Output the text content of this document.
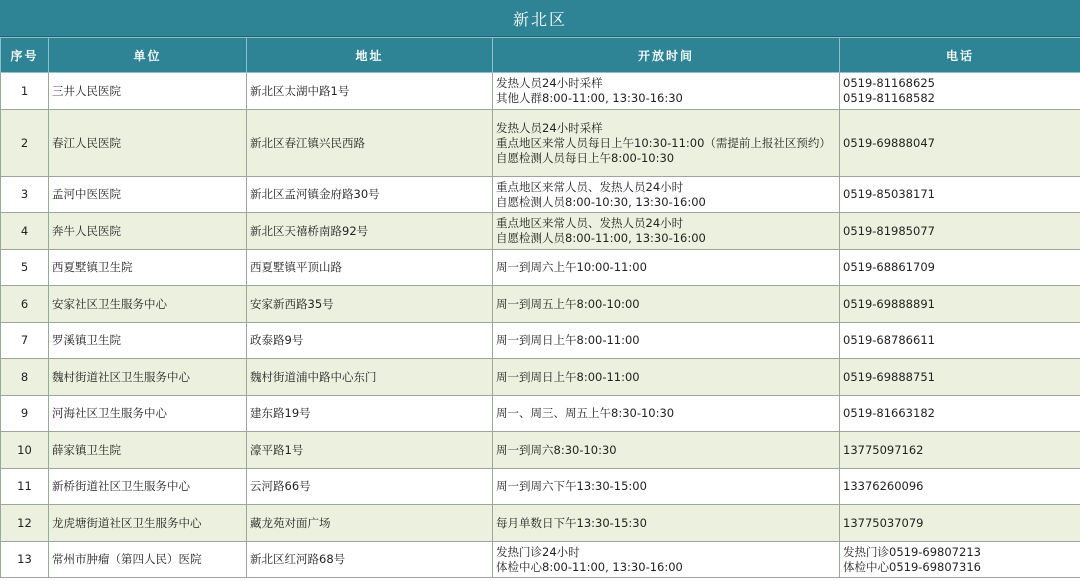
新北区
序号	单位	地址	开放时间	电话
1	三井人民医院	新北区太湖中路1号	发热人员24小时采样
其他人群8:00-11:00, 13:30-16:30	0519-81168625
0519-81168582
2	春江人民医院	新北区春江镇兴民西路	发热人员24小时采样
重点地区来常人员每日上午10:30-11:00（需提前上报社区预约）
自愿检测人员每日上午8:00-10:30	0519-69888047
3	孟河中医医院	新北区孟河镇金府路30号	重点地区来常人员、发热人员24小时
自愿检测人员8:00-10:30, 13:30-16:00	0519-85038171
4	奔牛人民医院	新北区天禧桥南路92号	重点地区来常人员、发热人员24小时
自愿检测人员8:00-11:00, 13:30-16:00	0519-81985077
5	西夏墅镇卫生院	西夏墅镇平顶山路	周一到周六上午10:00-11:00	0519-68861709
6	安家社区卫生服务中心	安家新西路35号	周一到周五上午8:00-10:00	0519-69888891
7	罗溪镇卫生院	政泰路9号	周一到周日上午8:00-11:00	0519-68786611
8	魏村街道社区卫生服务中心	魏村街道浦中路中心东门	周一到周日上午8:00-11:00	0519-69888751
9	河海社区卫生服务中心	建东路19号	周一、周三、周五上午8:30-10:30	0519-81663182
10	薛家镇卫生院	濠平路1号	周一到周六8:30-10:30	13775097162
11	新桥街道社区卫生服务中心	云河路66号	周一到周六下午13:30-15:00	13376260096
12	龙虎塘街道社区卫生服务中心	藏龙苑对面广场	每月单数日下午13:30-15:30	13775037079
13	常州市肿瘤（第四人民）医院	新北区红河路68号	发热门诊24小时
体检中心8:00-11:00, 13:30-16:00	发热门诊0519-69807213
体检中心0519-69807316
